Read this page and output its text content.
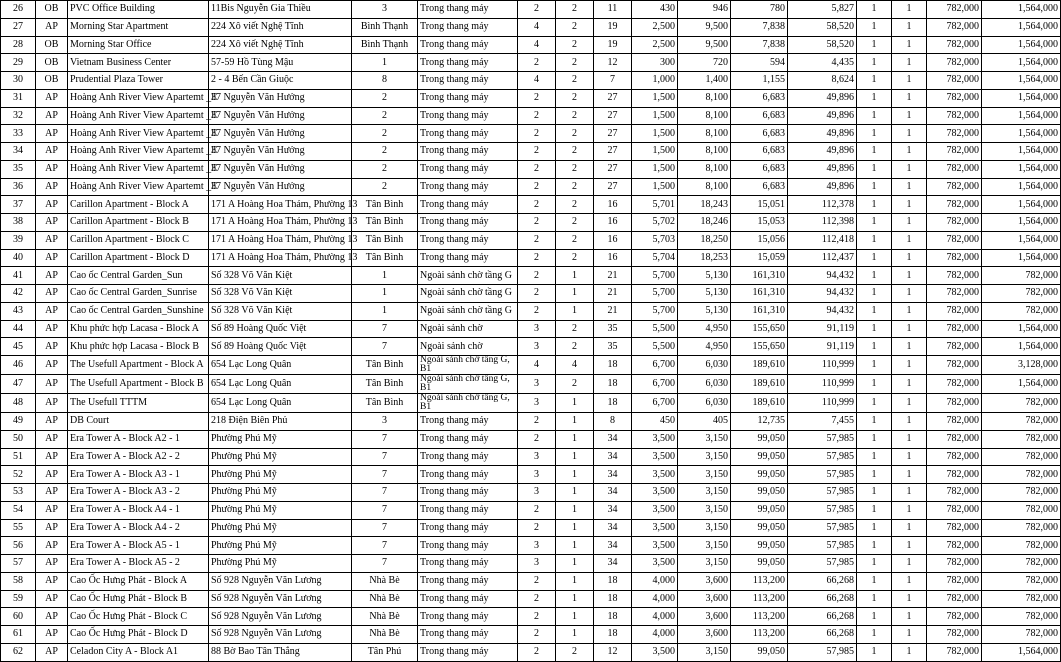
26	OB	PVC Office Building	11Bis Nguyễn Gia Thiều	3	Trong thang máy	2	2	11	430	946	780	5,827	1	1	782,000	1,564,000
27	AP	Morning Star Apartment	224 Xô viết Nghệ Tĩnh	Bình Thạnh	Trong thang máy	4	2	19	2,500	9,500	7,838	58,520	1	1	782,000	1,564,000
28	OB	Morning Star Office	224 Xô viết Nghệ Tĩnh	Bình Thạnh	Trong thang máy	4	2	19	2,500	9,500	7,838	58,520	1	1	782,000	1,564,000
29	OB	Vietnam Business Center	57-59 Hồ Tùng Mậu	1	Trong thang máy	2	2	12	300	720	594	4,435	1	1	782,000	1,564,000
30	OB	Prudential Plaza Tower	2 - 4 Bến Cần Giuộc	8	Trong thang máy	4	2	7	1,000	1,400	1,155	8,624	1	1	782,000	1,564,000
31	AP	Hoàng Anh River View Apartemt _E	37 Nguyễn Văn Hưởng	2	Trong thang máy	2	2	27	1,500	8,100	6,683	49,896	1	1	782,000	1,564,000
32	AP	Hoàng Anh River View Apartemt _E	37 Nguyễn Văn Hưởng	2	Trong thang máy	2	2	27	1,500	8,100	6,683	49,896	1	1	782,000	1,564,000
33	AP	Hoàng Anh River View Apartemt _E	37 Nguyễn Văn Hưởng	2	Trong thang máy	2	2	27	1,500	8,100	6,683	49,896	1	1	782,000	1,564,000
34	AP	Hoàng Anh River View Apartemt _E	37 Nguyễn Văn Hưởng	2	Trong thang máy	2	2	27	1,500	8,100	6,683	49,896	1	1	782,000	1,564,000
35	AP	Hoàng Anh River View Apartemt _E	37 Nguyễn Văn Hưởng	2	Trong thang máy	2	2	27	1,500	8,100	6,683	49,896	1	1	782,000	1,564,000
36	AP	Hoàng Anh River View Apartemt _E	37 Nguyễn Văn Hưởng	2	Trong thang máy	2	2	27	1,500	8,100	6,683	49,896	1	1	782,000	1,564,000
37	AP	Carillon Apartment - Block A	171 A Hoàng Hoa Thám, Phường 13	Tân Bình	Trong thang máy	2	2	16	5,701	18,243	15,051	112,378	1	1	782,000	1,564,000
38	AP	Carillon Apartment - Block B	171 A Hoàng Hoa Thám, Phường 13	Tân Bình	Trong thang máy	2	2	16	5,702	18,246	15,053	112,398	1	1	782,000	1,564,000
39	AP	Carillon Apartment - Block C	171 A Hoàng Hoa Thám, Phường 13	Tân Bình	Trong thang máy	2	2	16	5,703	18,250	15,056	112,418	1	1	782,000	1,564,000
40	AP	Carillon Apartment - Block D	171 A Hoàng Hoa Thám, Phường 13	Tân Bình	Trong thang máy	2	2	16	5,704	18,253	15,059	112,437	1	1	782,000	1,564,000
41	AP	Cao ốc Central Garden_Sun	Số 328 Võ Văn Kiệt	1	Ngoài sảnh chờ tầng G	2	1	21	5,700	5,130	161,310	94,432	1	1	782,000	782,000
42	AP	Cao ốc Central Garden_Sunrise	Số 328 Võ Văn Kiệt	1	Ngoài sảnh chờ tầng G	2	1	21	5,700	5,130	161,310	94,432	1	1	782,000	782,000
43	AP	Cao ốc Central Garden_Sunshine	Số 328 Võ Văn Kiệt	1	Ngoài sảnh chờ tầng G	2	1	21	5,700	5,130	161,310	94,432	1	1	782,000	782,000
44	AP	Khu phức hợp Lacasa - Block A	Số 89 Hoàng Quốc Việt	7	Ngoài sảnh chờ	3	2	35	5,500	4,950	155,650	91,119	1	1	782,000	1,564,000
45	AP	Khu phức hợp Lacasa - Block B	Số 89 Hoàng Quốc Việt	7	Ngoài sảnh chờ	3	2	35	5,500	4,950	155,650	91,119	1	1	782,000	1,564,000
46	AP	The Usefull Apartment - Block A	654 Lạc Long Quân	Tân Bình	Ngoài sảnh chờ tầng G, B1	4	4	18	6,700	6,030	189,610	110,999	1	1	782,000	3,128,000
47	AP	The Usefull Apartment - Block B	654 Lạc Long Quân	Tân Bình	Ngoài sảnh chờ tầng G, B1	3	2	18	6,700	6,030	189,610	110,999	1	1	782,000	1,564,000
48	AP	The Usefull TTTM	654 Lạc Long Quân	Tân Bình	Ngoài sảnh chờ tầng G, B1	3	1	18	6,700	6,030	189,610	110,999	1	1	782,000	782,000
49	AP	DB Court	218 Điện Biên Phủ	3	Trong thang máy	2	1	8	450	405	12,735	7,455	1	1	782,000	782,000
50	AP	Era Tower A - Block A2 - 1	Phường Phú Mỹ	7	Trong thang máy	2	1	34	3,500	3,150	99,050	57,985	1	1	782,000	782,000
51	AP	Era Tower A - Block A2 - 2	Phường Phú Mỹ	7	Trong thang máy	3	1	34	3,500	3,150	99,050	57,985	1	1	782,000	782,000
52	AP	Era Tower A - Block A3 - 1	Phường Phú Mỹ	7	Trong thang máy	3	1	34	3,500	3,150	99,050	57,985	1	1	782,000	782,000
53	AP	Era Tower A - Block A3 - 2	Phường Phú Mỹ	7	Trong thang máy	3	1	34	3,500	3,150	99,050	57,985	1	1	782,000	782,000
54	AP	Era Tower A - Block A4 - 1	Phường Phú Mỹ	7	Trong thang máy	2	1	34	3,500	3,150	99,050	57,985	1	1	782,000	782,000
55	AP	Era Tower A - Block A4 - 2	Phường Phú Mỹ	7	Trong thang máy	2	1	34	3,500	3,150	99,050	57,985	1	1	782,000	782,000
56	AP	Era Tower A - Block A5 - 1	Phường Phú Mỹ	7	Trong thang máy	3	1	34	3,500	3,150	99,050	57,985	1	1	782,000	782,000
57	AP	Era Tower A - Block A5 - 2	Phường Phú Mỹ	7	Trong thang máy	3	1	34	3,500	3,150	99,050	57,985	1	1	782,000	782,000
58	AP	Cao Ốc Hưng Phát - Block A	Số 928 Nguyễn Văn Lương	Nhà Bè	Trong thang máy	2	1	18	4,000	3,600	113,200	66,268	1	1	782,000	782,000
59	AP	Cao Ốc Hưng Phát - Block B	Số 928 Nguyễn Văn Lương	Nhà Bè	Trong thang máy	2	1	18	4,000	3,600	113,200	66,268	1	1	782,000	782,000
60	AP	Cao Ốc Hưng Phát - Block C	Số 928 Nguyễn Văn Lương	Nhà Bè	Trong thang máy	2	1	18	4,000	3,600	113,200	66,268	1	1	782,000	782,000
61	AP	Cao Ốc Hưng Phát - Block D	Số 928 Nguyễn Văn Lương	Nhà Bè	Trong thang máy	2	1	18	4,000	3,600	113,200	66,268	1	1	782,000	782,000
62	AP	Celadon City A - Block A1	88 Bờ Bao Tân Thắng	Tân Phú	Trong thang máy	2	2	12	3,500	3,150	99,050	57,985	1	1	782,000	1,564,000
